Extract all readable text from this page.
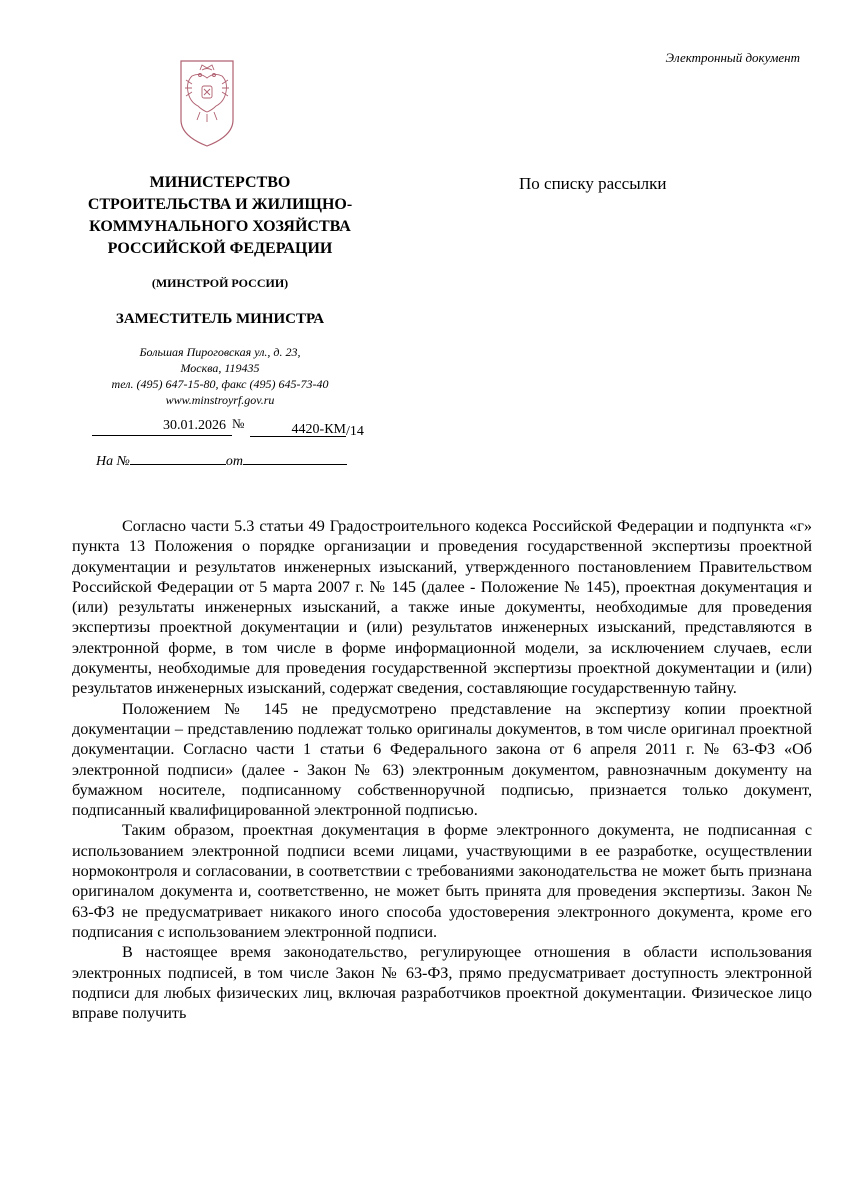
Электронный документ
МИНИСТЕРСТВО
СТРОИТЕЛЬСТВА И ЖИЛИЩНО-
КОММУНАЛЬНОГО ХОЗЯЙСТВА
РОССИЙСКОЙ ФЕДЕРАЦИИ
(МИНСТРОЙ РОССИИ)
ЗАМЕСТИТЕЛЬ МИНИСТРА
Большая Пироговская ул., д. 23,
Москва, 119435
тел. (495) 647-15-80, факс (495) 645-73-40
www.minstroyrf.gov.ru
30.01.2026 №	4420-КМ /14
На №	от
По списку рассылки

Согласно части 5.3 статьи 49 Градостроительного кодекса Российской Федерации и подпункта «г» пункта 13 Положения о порядке организации и проведения государственной экспертизы проектной документации и результатов инженерных изысканий, утвержденного постановлением Правительством Российской Федерации от 5 марта 2007 г. № 145 (далее - Положение № 145), проектная документация и (или) результаты инженерных изысканий, а также иные документы, необходимые для проведения экспертизы проектной документации и (или) результатов инженерных изысканий, представляются в электронной форме, в том числе в форме информационной модели, за исключением случаев, если документы, необходимые для проведения государственной экспертизы проектной документации и (или) результатов инженерных изысканий, содержат сведения, составляющие государственную тайну.

Положением № 145 не предусмотрено представление на экспертизу копии проектной документации – представлению подлежат только оригиналы документов, в том числе оригинал проектной документации. Согласно части 1 статьи 6 Федерального закона от 6 апреля 2011 г. № 63-ФЗ «Об электронной подписи» (далее - Закон № 63) электронным документом, равнозначным документу на бумажном носителе, подписанному собственноручной подписью, признается только документ, подписанный квалифицированной электронной подписью.

Таким образом, проектная документация в форме электронного документа, не подписанная с использованием электронной подписи всеми лицами, участвующими в ее разработке, осуществлении нормоконтроля и согласовании, в соответствии с требованиями законодательства не может быть признана оригиналом документа и, соответственно, не может быть принята для проведения экспертизы. Закон № 63-ФЗ не предусматривает никакого иного способа удостоверения электронного документа, кроме его подписания с использованием электронной подписи.

В настоящее время законодательство, регулирующее отношения в области использования электронных подписей, в том числе Закон № 63-ФЗ, прямо предусматривает доступность электронной подписи для любых физических лиц, включая разработчиков проектной документации. Физическое лицо вправе получить
